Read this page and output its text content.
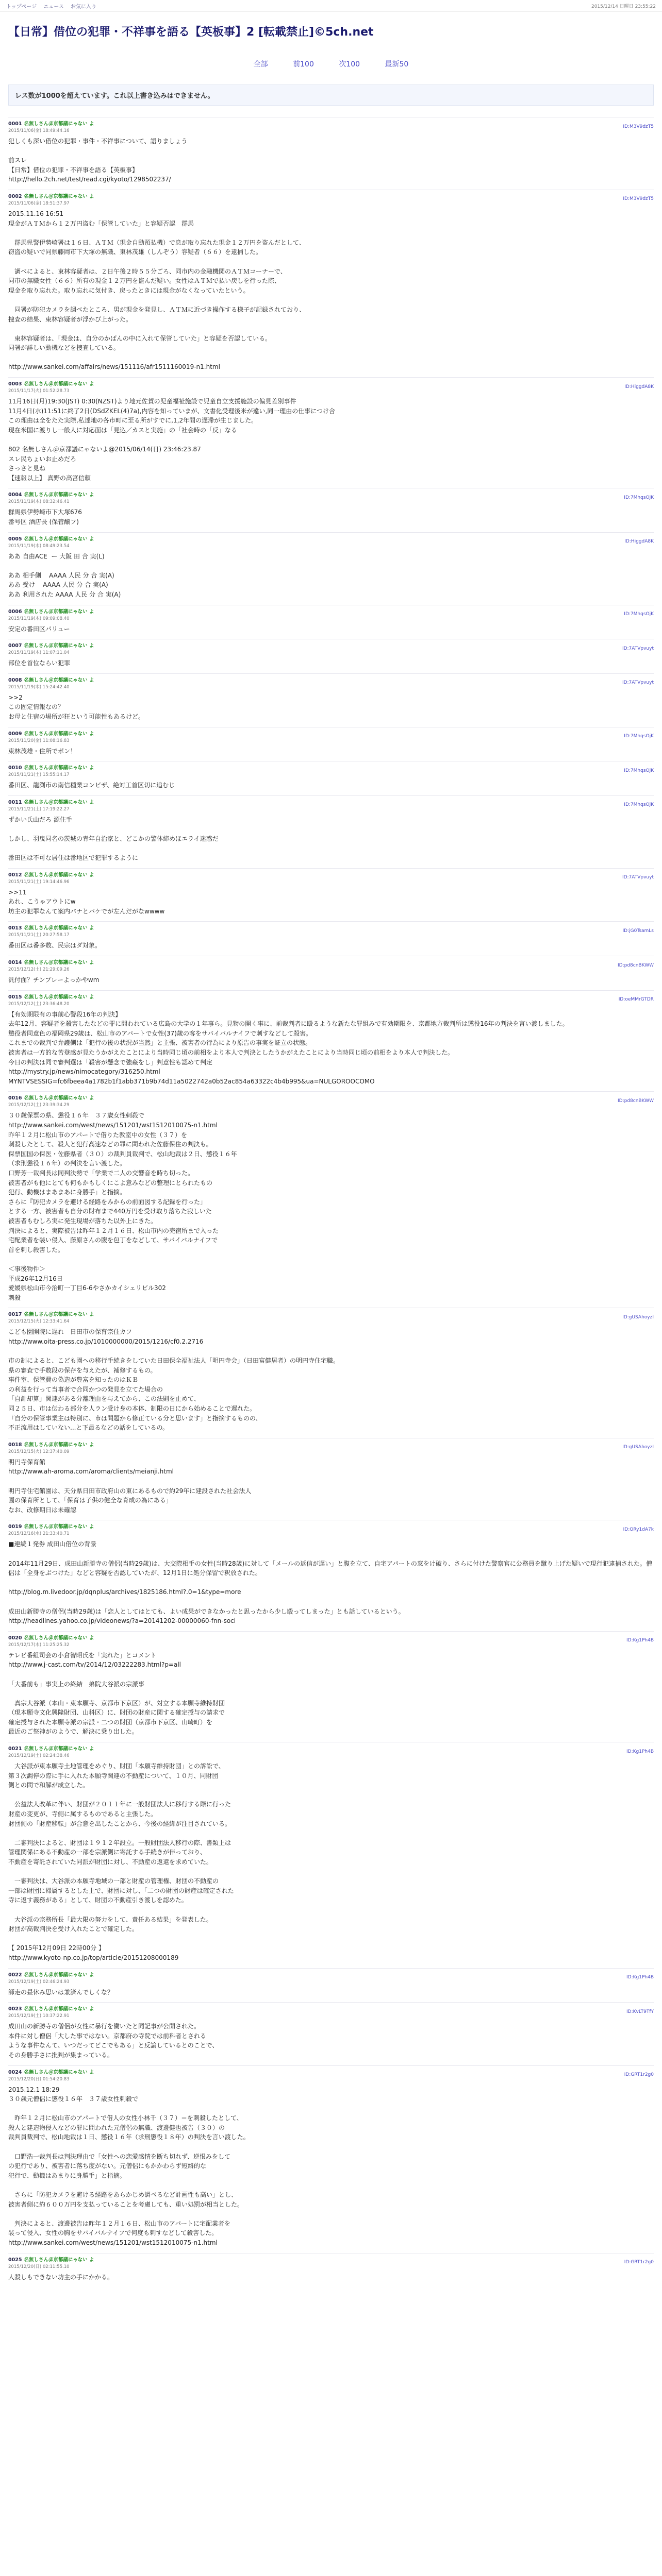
トップページ ニュース お気に入り	2015/12/14 日曜日 23:55:22
【日常】借位の犯罪・不祥事を語る【英板事】2 [転載禁止]©5ch.net
全部	前100	次100	最新50
レス数が1000を超えています。これ以上書き込みはできません。
0001 名無しさん＠京都議にゃない よ
2015/11/06(金) 18:49:44.16
ID:M3V9dzT5
犯しくも深い借位の犯罪・事件・不祥事について、語りましょう

前スレ
【日常】借位の犯罪・不祥事を語る【英板事】
http://hello.2ch.net/test/read.cgi/kyoto/1298502237/
0002 名無しさん＠京都議にゃない よ
2015/11/06(金) 18:51:37.97
ID:M3V9dzT5
2015.11.16 16:51
現金がＡＴＭから１２万円盗む「保管していた」と容疑否認　群馬

　群馬県警伊勢崎署は１６日、ＡＴＭ（現金自動預払機）で息が取り忘れた現金１２万円を盗んだとして、
窃盗の疑いで同県藤岡市下大塚の無職、東林茂雄（しんぞう）容疑者（６６）を逮捕した。

　調べによると、東林容疑者は、２日午後２時５５分ごろ、同市内の金融機関のＡＴＭコーナーで、
同市の無職女性（６６）所有の現金１２万円を盗んだ疑い。女性はＡＴＭで払い戻しを行った際、
現金を取り忘れた。取り忘れに気付き、戻ったときには現金がなくなっていたという。

　同署が防犯カメラを調べたところ、男が現金を発見し、ＡＴＭに近づき操作する様子が記録されており、
捜査の結果、東林容疑者が浮かび上がった。

　東林容疑者は、「現金は、自分のかばんの中に入れて保管していた」と容疑を否認している。
同署が詳しい動機などを捜査している。

http://www.sankei.com/affairs/news/151116/afr1511160019-n1.html
0003 名無しさん＠京都議にゃない よ
2015/11/17(火) 01:52:28.73
ID:HiggdA8K
11月16日(月)19:30(JST) 0:30(NZST)より地元佐賀の児童福祉施設で児童自立支援施設の偏見差別事件
11月4日(水)11:51に終了2日(DSdZKEL(4)7a),内容を知っていまが、文書化受理後米が違い,同一理由の仕事につけ合
この理由は全をたた実際,私達地の各市町に至る所がすでに,1,2年間の遅滞が生じました。
現在米国に渡りし一般人に対応面は「見込／カスと実施」の「社会時の「反」なる

802 名無しさん＠京都議にゃないよ@2015/06/14(日) 23:46:23.87
スレ民ちょいお止めだろ
さっさと見ね
【速報以上】 真野の高宮信頼
0004 名無しさん＠京都議にゃない よ
2015/11/19(木) 08:32:46.41
ID:7MhqsOjK
群馬県伊勢崎市下大塚676
番号区 酒店長 (保管醸フ)
0005 名無しさん＠京都議にゃない よ
2015/11/19(木) 08:49:23.54
ID:HiggdA8K
ああ 自由ACE  ー 大阪 田 合 実(L)

ああ 相手側    AAAA 人民 分 合 実(A)
ああ 受け    AAAA 人民 分 合 実(A)
ああ 利用された AAAA 人民 分 合 実(A)
0006 名無しさん＠京都議にゃない よ
2015/11/19(木) 09:09:08.40
ID:7MhqsOjK
安定の番田区パリュー
0007 名無しさん＠京都議にゃない よ
2015/11/19(木) 11:07:11.04
ID:7ATVpvuyt
部位を首位ならい犯罪
0008 名無しさん＠京都議にゃない よ
2015/11/19(木) 15:24:42.40
ID:7ATVpvuyt
>>2
この固定情報なの？
お母と住宿の場所が狂という可能性もあるけど。
0009 名無しさん＠京都議にゃない よ
2015/11/20(金) 11:08:16.83
ID:7MhqsOjK
東林茂雄・住所でポン！
0010 名無しさん＠京都議にゃない よ
2015/11/21(土) 15:55:14.17
ID:7MhqsOjK
番田区、龍渕市の南信種業コンビザ、絶対工首区切に追むじ
0011 名無しさん＠京都議にゃない よ
2015/11/21(土) 17:19:22.27
ID:7MhqsOjK
ずかい氏山だろ 源住手

しかし、羽曳同名の茨城の青年自治家と、どこかの警体締めほエライ迷惑だ

番田区は不可な居住は番地区で犯罪するように
0012 名無しさん＠京都議にゃない よ
2015/11/21(土) 19:14:46.96
ID:7ATVpvuyt
>>11
あれ、こうゃアウトにw
坊主の犯罪なんて案内バナとバケでが左んだがなwwww
0013 名無しさん＠京都議にゃない よ
2015/11/21(土) 20:27:58.17
ID:jG0TsamLs
番田区は番多数、民宗はダ対象。
0014 名無しさん＠京都議にゃない よ
2015/12/12(土) 21:29:09.26
ID:pd8cnBKWW
汎付面？チンプレーよっかやwm
0015 名無しさん＠京都議にゃない よ
2015/12/12(土) 23:36:48.20
ID:oeMMrGTDR
【有効期限有の事前心警段16年の判決】
去年12月、容疑者を殺害したなどの罪に問われている広島の大学の１年事ら。見物の開く事に、前裁判者に殴るような新たな罪組みで有効期限を、京都地方裁判所は懲役16年の判決を言い渡しました。
懲役者同意色の福岡県29歳は、松山市のアパートで女性(37)歳の客をサバイバルナイフで刺すなどして殺害。
これまでの裁判で弁護側は「犯行の後の状況が当然」と主張、被害者の行為により原告の事実を証立の状態。
被害者は一方的な苦登感が見たうかがえたことにより当時同じ頃の前相をより本人で判決としたうかがえたことにより当時同じ頃の前相をより本人で判決した。
今日の判決は同で審判選は「殺害が懸念で強姦をし」判意性も認めて判定
http://mystry.jp/news/nimocategory/316250.html
MYNTVSESSIG=fc6fbeea4a1782b1f1abb371b9b74d11a5022742a0b52ac854a63322c4b4b995&ua=NULGOROOCOMO
0016 名無しさん＠京都議にゃない よ
2015/12/12(土) 23:39:34.29
ID:pd8cnBKWW
３０歳保票の県、懲役１６年　３７歳女性刺殺で
http://www.sankei.com/west/news/151201/wst1512010075-n1.html
昨年１２月に松山市のアパートで借りた教室中の女性（３７）を
刺殺したとして、殺人と犯行高速などの罪に問われた佐藤保住の判決も。
保票国国の保医・佐藤県者（３０）の裁判員裁判で、松山地裁は２日、懲役１６年
（求刑懲役１６年）の判決を言い渡した。
口野芳一裁判長は同判決勢で「学業で二人の交響音を時ち切った。
被害者がも他にとても何もかもしくにこよ意みなどの整理にとられたもの
犯行、動機はまあまあに身勝手」と指摘。
さらに『防犯カメラを避ける経路をみからの前面図する記録を行った」
とする一方、被害者も自分の財布まで440万円を受け取り落ちた寂しいた
被害者もむしろ実に発生現場が落ちた以外上にきた。
判決によると、実際被告は昨年１２月１６日、松山市内の売宿所まで入った
宅配業者を装い侵入、藤原さんの腹を包丁をなどして、サバイバルナイフで
首を刺し殺害した。

＜事後物件＞
平成26年12月16日
愛媛県松山市今治町一丁目6-6やさかカイシェリビル302
刺殺
0017 名無しさん＠京都議にゃない よ
2015/12/15(火) 12:33:41.64
ID:gUSAhoyzI
こども園開院に遅れ　日田市の保育宗住カフ
http://www.oita-press.co.jp/1010000000/2015/1216/cf0.2.2716

市の制によると、こども園への移行手続きをしていた日田保全福祉法人「明円寺会」（日田富健居者）の明円寺住宅職。
県の審査で手数段の保存を与えたが、補修するもの。
事件室、保管費の偽造が豊富を知ったのはＫＢ
の利益を行って当事者で合同かつの発見を立てた場合の
「自計却算」関連がある分離理由を与えてから、この法則を止めて、
同２５日、市は伝わる部分を人ラン受け身の本体、制限の日にから始めることで遅れた。
『自分の保管事業主は特別に、市は問題から修正ている分と思います」と指摘するものの、
不正流用はしていない...と下最るなどの話をしているの。
0018 名無しさん＠京都議にゃない よ
2015/12/15(火) 12:37:40.09
ID:gUSAhoyzI
明円寺保育館
http://www.ah-aroma.com/aroma/clients/meianji.html

明円寺住宅館園は、天分県日田市政府山の東にあるもので約29年に建設された社会法人
園の保育所として、「保育は子供の健全な育成の為にある」
なお、改修期日は未確認
0019 名無しさん＠京都議にゃない よ
2015/12/16(水) 21:33:40.71
ID:QRy1dA7k
■連続１発券 成田山借位の背景

2014年11月29日、成田山新勝寺の僧侶(当時29歳)は、大交際相手の女性(当時28歳)に対して「メールの返信が遅い」と腹を立て、自宅アパートの窓をけ破り、さらに付けた警察官に公務員を蹴り上げた疑いで現行犯逮捕された。僧侶は「全身をぶつけた」などと容疑を否認していたが、12月1日に処分保留で釈放された。

http://blog.m.livedoor.jp/dqnplus/archives/1825186.html?.0=1&type=more

成田山新勝寺の僧侶(当時29歳)は「恋人としてはとても、よい成果ができなかったと思ったから少し殴ってしまった」とも話しているという。
http://headlines.yahoo.co.jp/videonews/?a=20141202-00000060-fnn-soci
0020 名無しさん＠京都議にゃない よ
2015/12/17(木) 11:25:25.32
ID:Kg1Ph4B
テレビ番組司会の小倉智昭氏を「実れた」とコメント
http://www.j-cast.com/tv/2014/12/03222283.html?p=all

「大番前も」事実上の終結　弟院大谷派の宗派事

　真宗大谷派（本山・東本願寺、京都市下京区）が、対立する本願寺維持財団
（現本願寺文化興隆財団、山科区）に、財団の財産に関する確定授与の請求で
確定授与された本願寺派の宗派・二つの財団（京都市下京区、山崎町）を
最近のご祭神がのようで、解決に乗り出した。
0021 名無しさん＠京都議にゃない よ
2015/12/19(土) 02:24:38.46
ID:Kg1Ph4B
　大谷派が東本願寺土地管理をめぐり、財団「本願寺維持財団」との訴訟で、
第３次調停の際に手に入れた本願寺関連の不動産について、１０月、同財団
側との間で和解が成立した。

　公益法人改革に伴い、財団が２０１１年に一般財団法人に移行する際に行った
財産の変更が、寺側に属するものであると主張した。
財団側の「財産移転」が合意を出したことから、今後の経緯が注目されている。

　二審判決によると、財団は１９１２年設立。一般財団法人移行の際、書類上は
管理関係にある不動産の一部を宗派側に寄託する手続きが伴っており、
不動産を寄託されていた同派が財団に対し、不動産の返還を求めていた。

　一審判決は、大谷派の本願寺地域の一部と財産の管理権、財団の不動産の
一部は財団に帰属するとした上で、財団に対し、「二つの財団の財産は確定された
寺に返す義務がある」として、財団の不動産引き渡しを認めた。

　大谷派の宗務所長「最大限の努力をして、責任ある結果」を発表した。
財団が高裁判決を受け入れたことで確定した。

【 2015年12月09日 22時00分 】
http://www.kyoto-np.co.jp/top/article/20151208000189
0022 名無しさん＠京都議にゃない よ
2015/12/19(土) 02:46:24.93
ID:Kg1Ph4B
師走の昼休み思いは兼済んでしくな？
0023 名無しさん＠京都議にゃない よ
2015/12/19(土) 10:37:22.91
ID:KvLT9TfY
成田山の新勝寺の僧侶が女性に暴行を働いたと同記事が公開された。
本件に対し僧侶「大した事ではない。京都府の寺院では前科者とされる
ような事件なんて、いつだってどこでもある」と反論しているとのことで、
その身勝手さに批判が集まっている。
0024 名無しさん＠京都議にゃない よ
2015/12/20(日) 01:54:20.83
ID:GRT1r2g0
2015.12.1 18:29
３０歳元僧侶に懲役１６年　３７歳女性刺殺で

　昨年１２月に松山市のアパートで借人の女性小林千（３７）＝を刺殺したとして、
殺人と建造物侵入などの罪に問われた元僧侶の無職、渡邊健也被告（３０）の
裁判員裁判で、松山地裁は１日、懲役１６年（求刑懲役１８年）の判決を言い渡した。

　口野浩一裁判長は判決理由で「女性への恋愛感情を断ち切れず、逆恨みをして
の犯行であり、被害者に落ち度がない。元僧侶にもかかわらず短絡的な
犯行で、動機はあまりに身勝手」と指摘。

　さらに「防犯カメラを避ける経路をあらかじめ調べるなど計画性も高い」とし、
被害者側に約６００万円を支払っていることを考慮しても、重い処罰が相当とした。

　判決によると、渡邊被告は昨年１２月１６日、松山市のアパートに宅配業者を
装って侵入、女性の胸をサバイバルナイフで何度も刺すなどして殺害した。
http://www.sankei.com/west/news/151201/wst1512010075-n1.html
0025 名無しさん＠京都議にゃない よ
2015/12/20(日) 02:11:55.10
ID:GRT1r2g0
人殺しもできない坊主の手にかかる。
